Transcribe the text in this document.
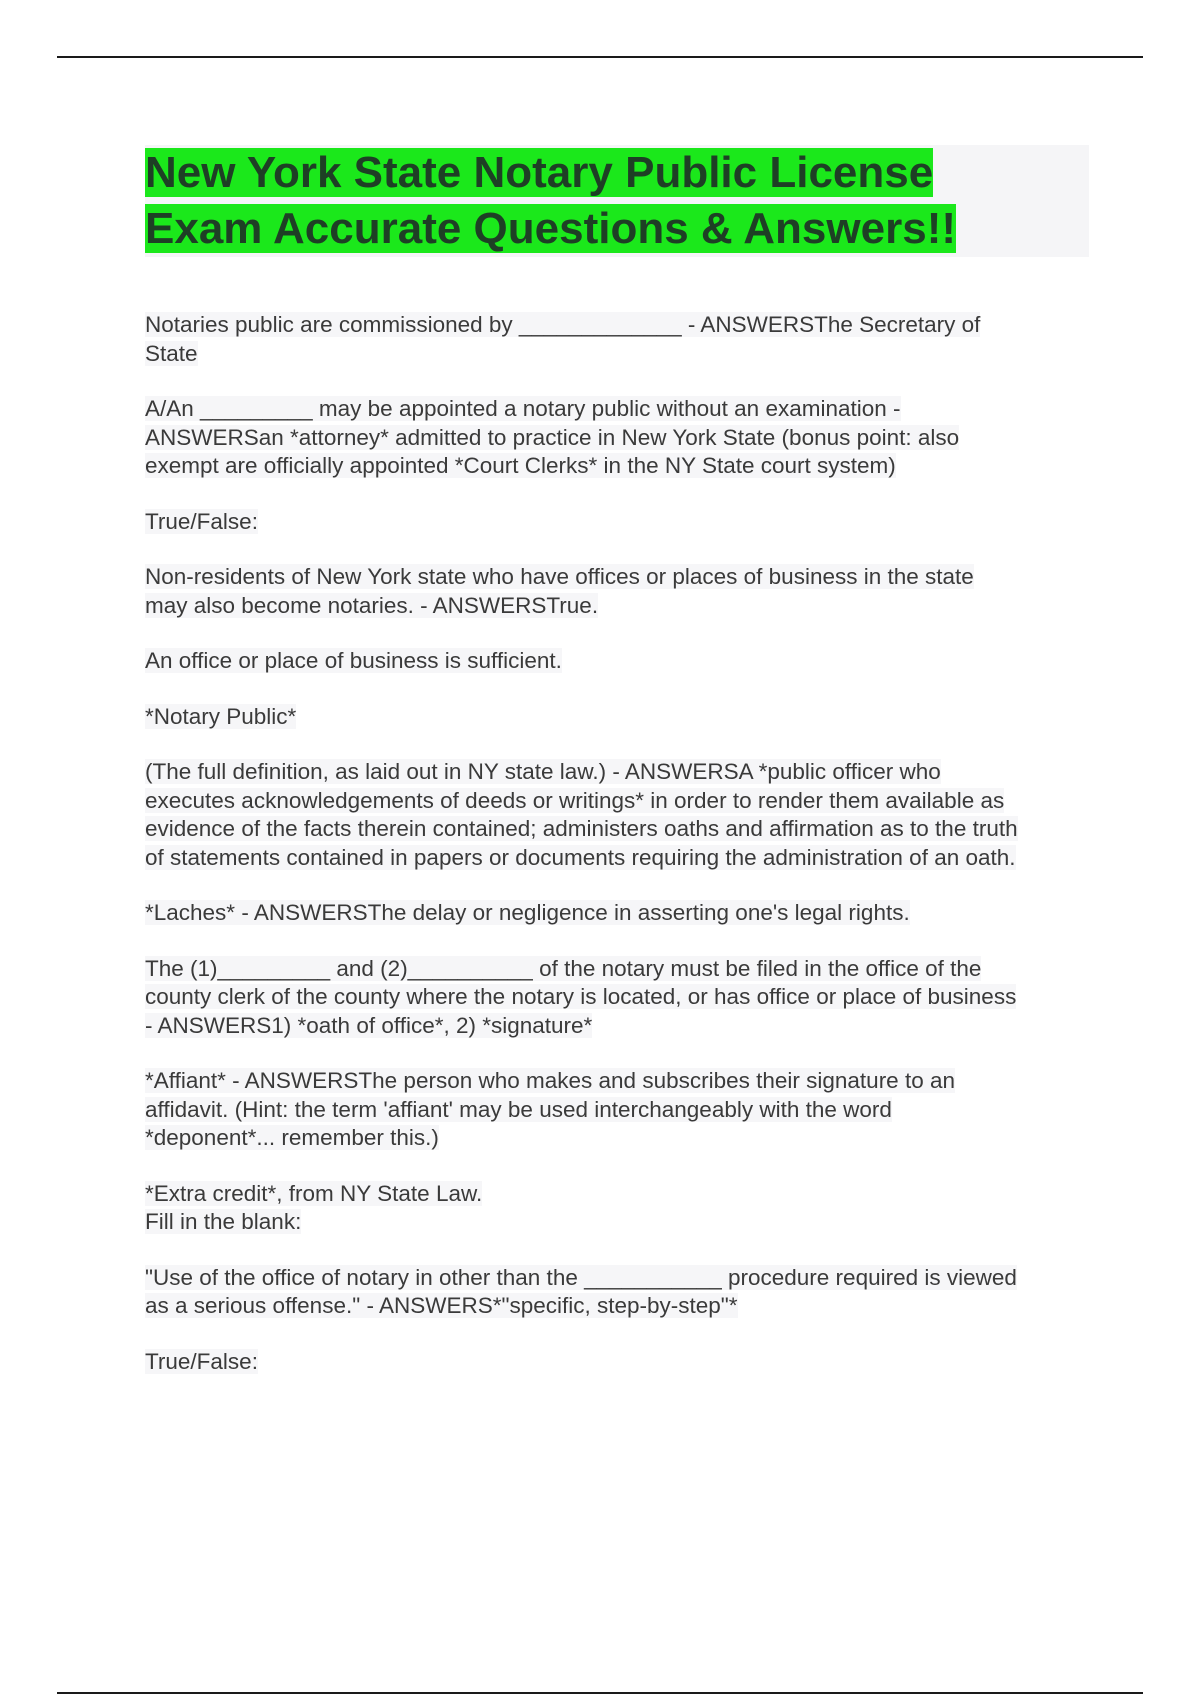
New York State Notary Public License
Exam Accurate Questions & Answers!!

Notaries public are commissioned by _____________ - ANSWERSThe Secretary of
State

A/An _________ may be appointed a notary public without an examination -
ANSWERSan *attorney* admitted to practice in New York State (bonus point: also
exempt are officially appointed *Court Clerks* in the NY State court system)

True/False:

Non-residents of New York state who have offices or places of business in the state
may also become notaries. - ANSWERSTrue.

An office or place of business is sufficient.

*Notary Public*

(The full definition, as laid out in NY state law.) - ANSWERSA *public officer who
executes acknowledgements of deeds or writings* in order to render them available as
evidence of the facts therein contained; administers oaths and affirmation as to the truth
of statements contained in papers or documents requiring the administration of an oath.

*Laches* - ANSWERSThe delay or negligence in asserting one's legal rights.

The (1)_________ and (2)__________ of the notary must be filed in the office of the
county clerk of the county where the notary is located, or has office or place of business
- ANSWERS1) *oath of office*, 2) *signature*

*Affiant* - ANSWERSThe person who makes and subscribes their signature to an
affidavit. (Hint: the term 'affiant' may be used interchangeably with the word
*deponent*... remember this.)

*Extra credit*, from NY State Law.
Fill in the blank:

"Use of the office of notary in other than the ___________ procedure required is viewed
as a serious offense." - ANSWERS*"specific, step-by-step"*

True/False:
